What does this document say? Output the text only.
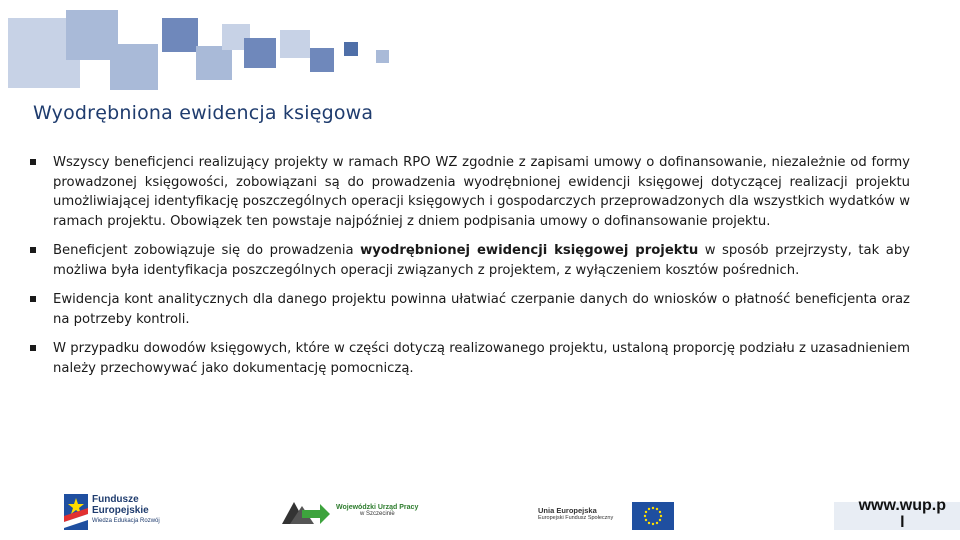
Wyodrębniona ewidencja księgowa
Wszyscy beneficjenci realizujący projekty w ramach RPO WZ zgodnie z zapisami umowy o dofinansowanie, niezależnie od formy prowadzonej księgowości, zobowiązani są do prowadzenia wyodrębnionej ewidencji księgowej dotyczącej realizacji projektu umożliwiającej identyfikację poszczególnych operacji księgowych i gospodarczych przeprowadzonych dla wszystkich wydatków w ramach projektu. Obowiązek ten powstaje najpóźniej z dniem podpisania umowy o dofinansowanie projektu.
Beneficjent zobowiązuje się do prowadzenia wyodrębnionej ewidencji księgowej projektu w sposób przejrzysty, tak aby możliwa była identyfikacja poszczególnych operacji związanych z projektem, z wyłączeniem kosztów pośrednich.
Ewidencja kont analitycznych dla danego projektu powinna ułatwiać czerpanie danych do wniosków o płatność beneficjenta oraz na potrzeby kontroli.
W przypadku dowodów księgowych, które w części dotyczą realizowanego projektu, ustaloną proporcję podziału z uzasadnieniem należy przechowywać jako dokumentację pomocniczą.
Fundusze
Europejskie
Wiedza Edukacja Rozwój
Wojewódzki Urząd Pracy
w Szczecinie	Unia Europejska
Europejski Fundusz Społeczny
www.wup.p
l
